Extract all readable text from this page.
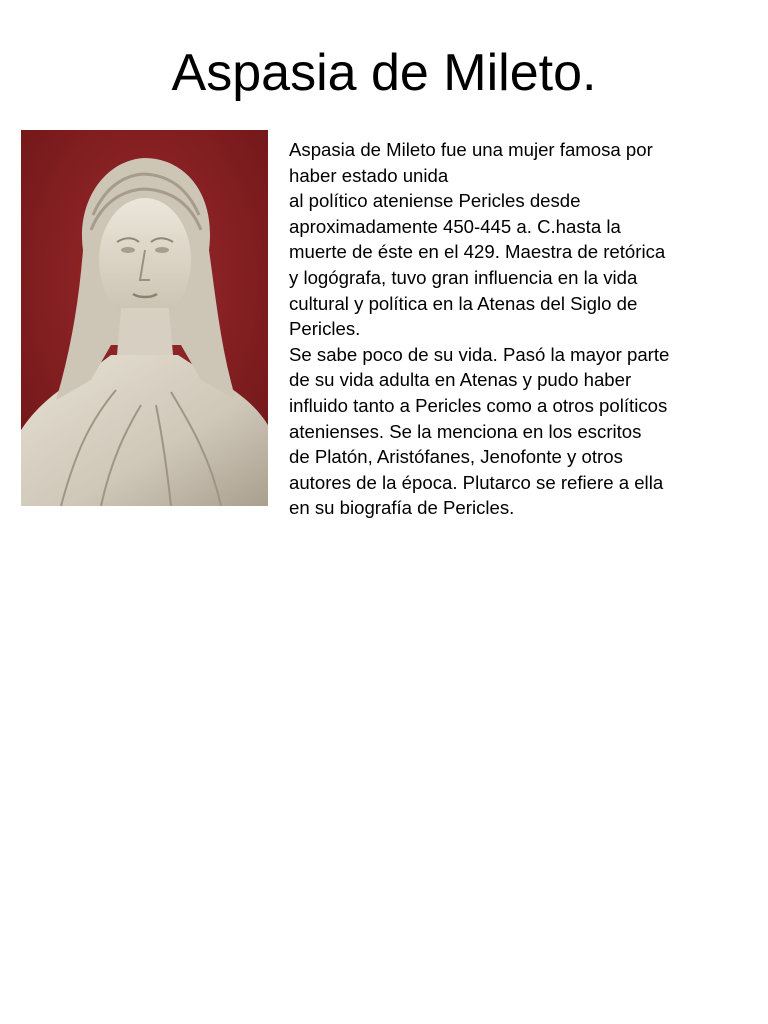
Aspasia de Mileto.

Aspasia de Mileto fue una mujer famosa por
haber estado unida
al político ateniense Pericles desde
aproximadamente 450-445 a. C.hasta la
muerte de éste en el 429. Maestra de retórica
y logógrafa, tuvo gran influencia en la vida
cultural y política en la Atenas del Siglo de
Pericles.

Se sabe poco de su vida. Pasó la mayor parte
de su vida adulta en Atenas y pudo haber
influido tanto a Pericles como a otros políticos
atenienses. Se la menciona en los escritos
de Platón, Aristófanes, Jenofonte y otros
autores de la época. Plutarco se refiere a ella
en su biografía de Pericles.
